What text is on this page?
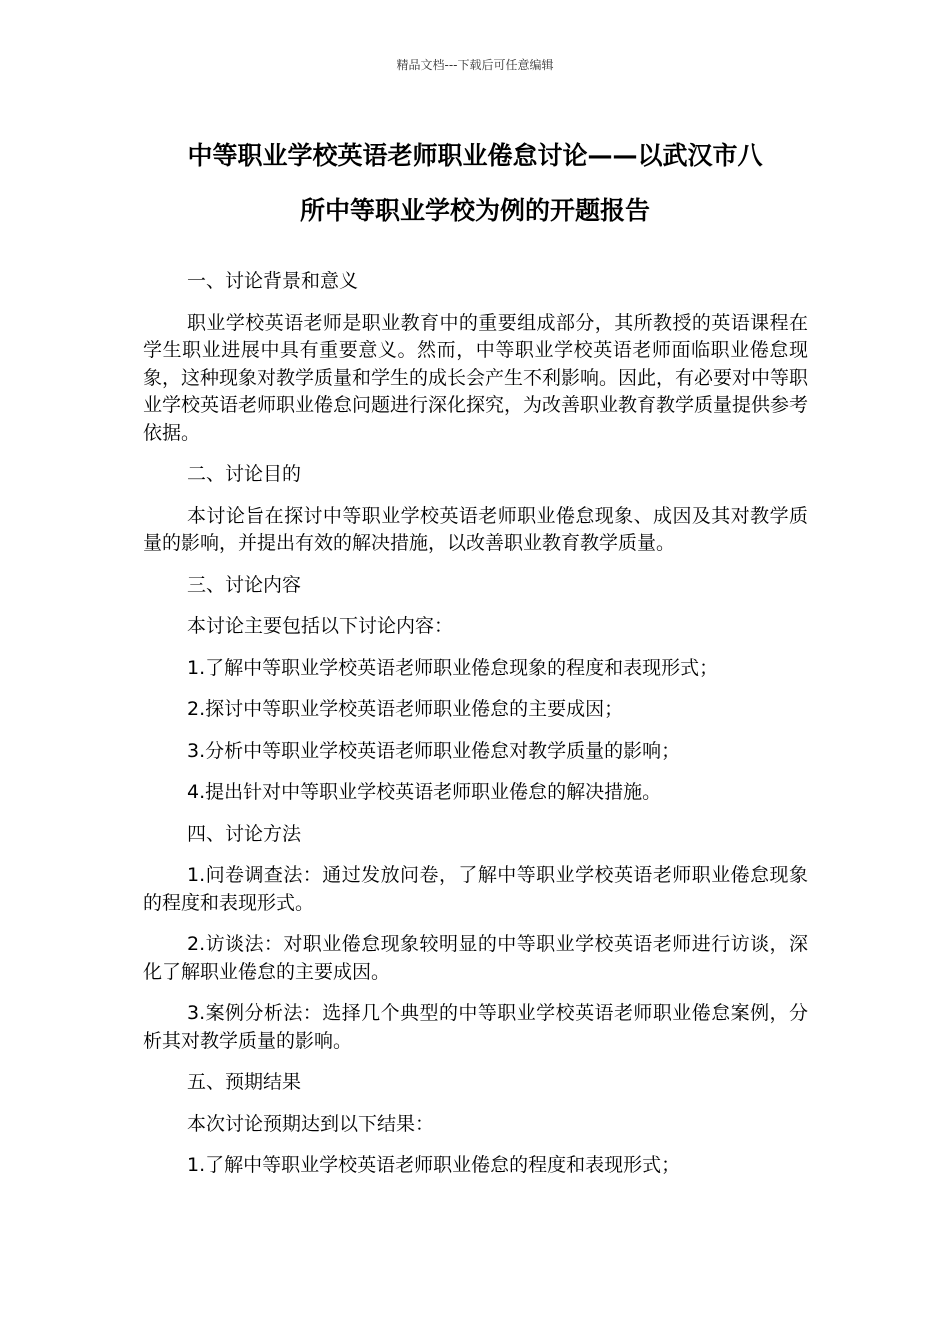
精品文档---下载后可任意编辑
中等职业学校英语老师职业倦怠讨论——以武汉市八
所中等职业学校为例的开题报告

一、讨论背景和意义

职业学校英语老师是职业教育中的重要组成部分，其所教授的英语课程在学生职业进展中具有重要意义。然而，中等职业学校英语老师面临职业倦怠现象，这种现象对教学质量和学生的成长会产生不利影响。因此，有必要对中等职业学校英语老师职业倦怠问题进行深化探究，为改善职业教育教学质量提供参考依据。

二、讨论目的

本讨论旨在探讨中等职业学校英语老师职业倦怠现象、成因及其对教学质量的影响，并提出有效的解决措施，以改善职业教育教学质量。

三、讨论内容

本讨论主要包括以下讨论内容：

1.了解中等职业学校英语老师职业倦怠现象的程度和表现形式；

2.探讨中等职业学校英语老师职业倦怠的主要成因；

3.分析中等职业学校英语老师职业倦怠对教学质量的影响；

4.提出针对中等职业学校英语老师职业倦怠的解决措施。

四、讨论方法

1.问卷调查法：通过发放问卷，了解中等职业学校英语老师职业倦怠现象的程度和表现形式。

2.访谈法：对职业倦怠现象较明显的中等职业学校英语老师进行访谈，深化了解职业倦怠的主要成因。

3.案例分析法：选择几个典型的中等职业学校英语老师职业倦怠案例，分析其对教学质量的影响。

五、预期结果

本次讨论预期达到以下结果：

1.了解中等职业学校英语老师职业倦怠的程度和表现形式；
